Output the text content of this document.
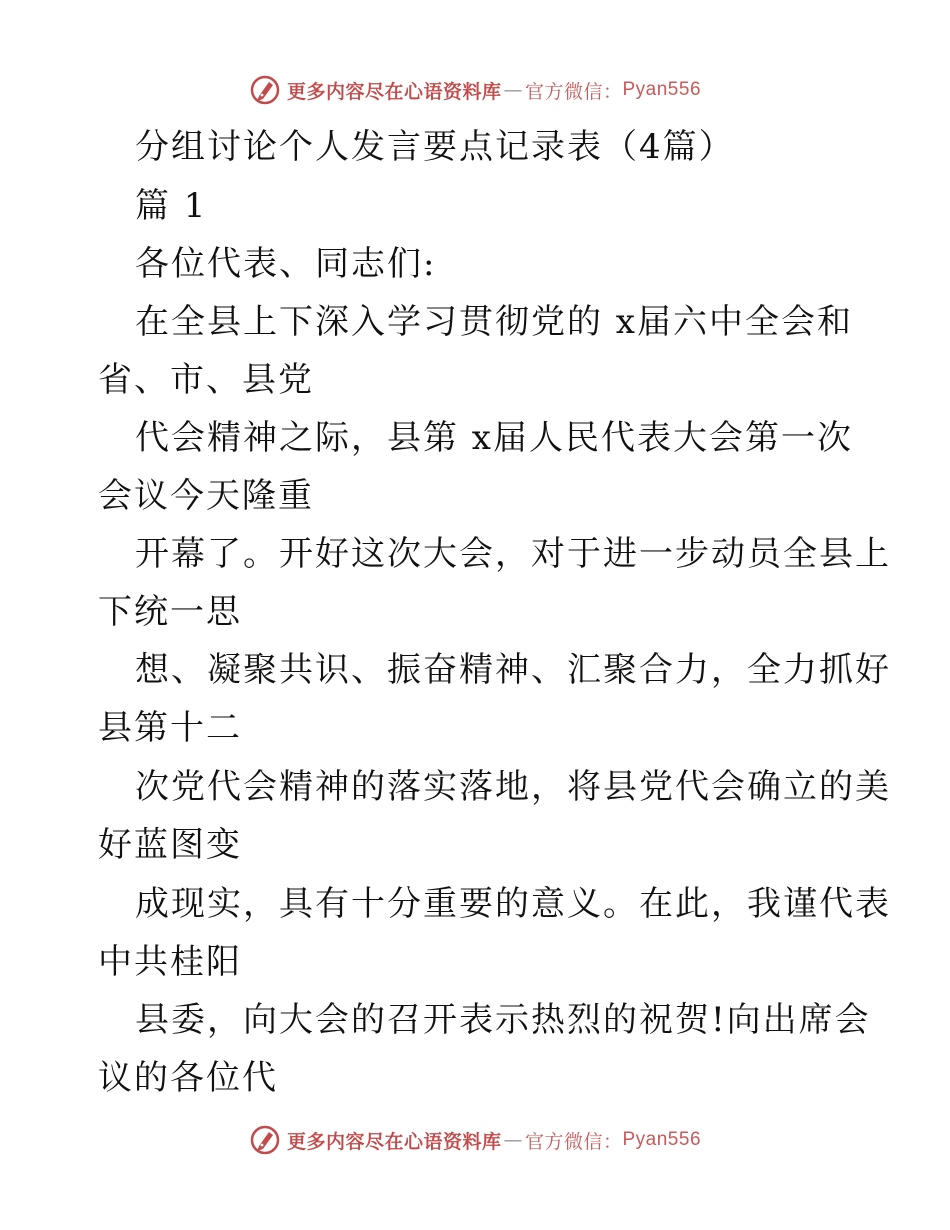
更多内容尽在心语资料库 — 官方微信： Pyan556
分组讨论个人发言要点记录表（4篇）
篇 1
各位代表、同志们:
在全县上下深入学习贯彻党的 x届六中全会和
省、市、县党
代会精神之际，县第 x届人民代表大会第一次
会议今天隆重
开幕了。开好这次大会，对于进一步动员全县上
下统一思
想、凝聚共识、振奋精神、汇聚合力，全力抓好
县第十二
次党代会精神的落实落地，将县党代会确立的美
好蓝图变
成现实，具有十分重要的意义。在此，我谨代表
中共桂阳
县委，向大会的召开表示热烈的祝贺!向出席会
议的各位代
更多内容尽在心语资料库 — 官方微信： Pyan556
